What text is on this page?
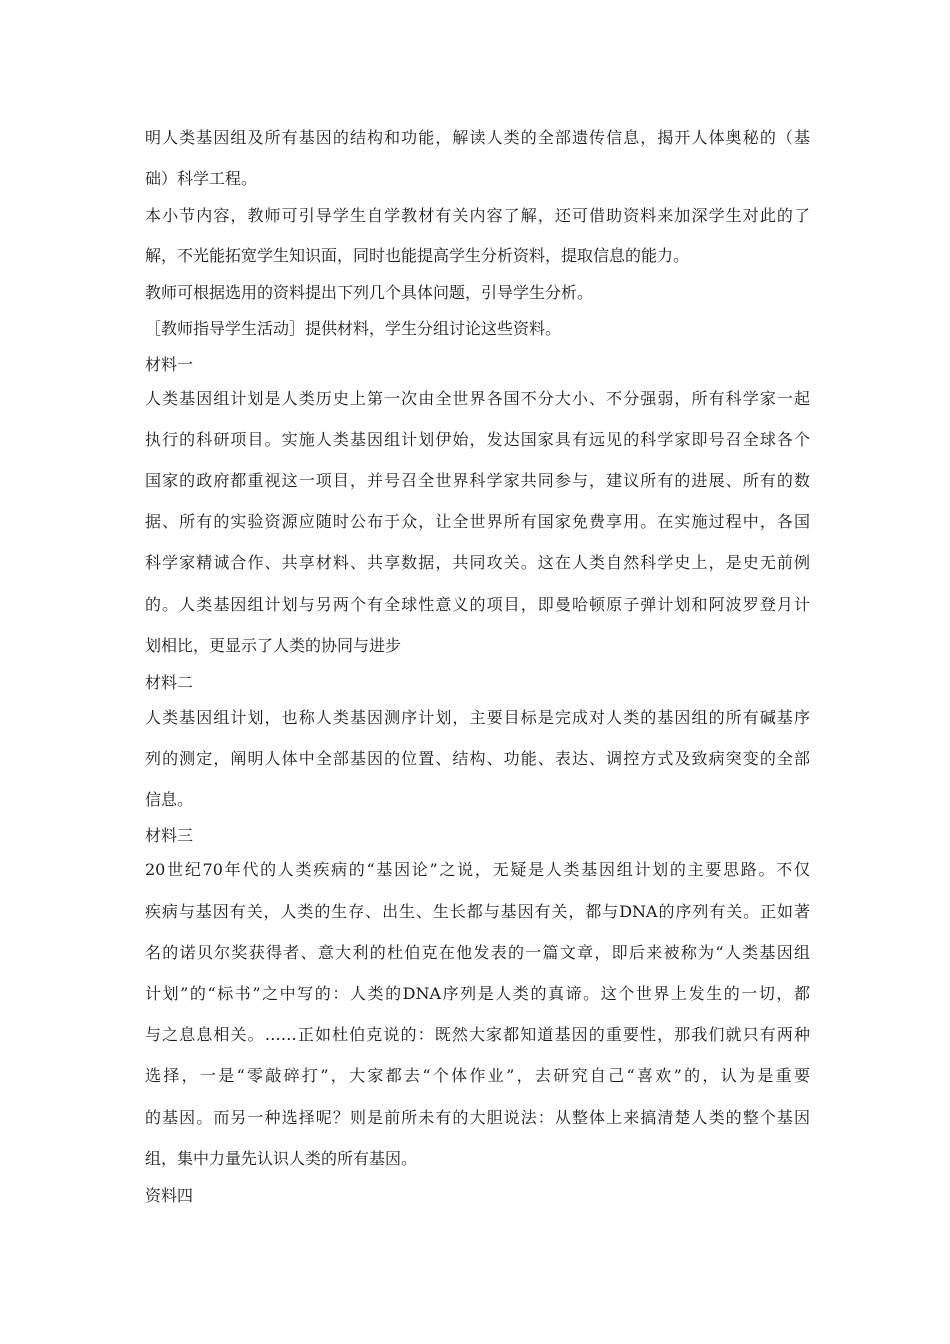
明人类基因组及所有基因的结构和功能，解读人类的全部遗传信息，揭开人体奥秘的（基
础）科学工程。
本小节内容，教师可引导学生自学教材有关内容了解，还可借助资料来加深学生对此的了
解，不光能拓宽学生知识面，同时也能提高学生分析资料，提取信息的能力。
教师可根据选用的资料提出下列几个具体问题，引导学生分析。
［教师指导学生活动］提供材料，学生分组讨论这些资料。
材料一
人类基因组计划是人类历史上第一次由全世界各国不分大小、不分强弱，所有科学家一起
执行的科研项目。实施人类基因组计划伊始，发达国家具有远见的科学家即号召全球各个
国家的政府都重视这一项目，并号召全世界科学家共同参与，建议所有的进展、所有的数
据、所有的实验资源应随时公布于众，让全世界所有国家免费享用。在实施过程中，各国
科学家精诚合作、共享材料、共享数据，共同攻关。这在人类自然科学史上，是史无前例
的。人类基因组计划与另两个有全球性意义的项目，即曼哈顿原子弹计划和阿波罗登月计
划相比，更显示了人类的协同与进步
材料二
人类基因组计划，也称人类基因测序计划，主要目标是完成对人类的基因组的所有碱基序
列的测定，阐明人体中全部基因的位置、结构、功能、表达、调控方式及致病突变的全部
信息。
材料三
20世纪70年代的人类疾病的“基因论”之说，无疑是人类基因组计划的主要思路。不仅
疾病与基因有关，人类的生存、出生、生长都与基因有关，都与DNA的序列有关。正如著
名的诺贝尔奖获得者、意大利的杜伯克在他发表的一篇文章，即后来被称为“人类基因组
计划”的“标书”之中写的：人类的DNA序列是人类的真谛。这个世界上发生的一切，都
与之息息相关。……正如杜伯克说的：既然大家都知道基因的重要性，那我们就只有两种
选择，一是“零敲碎打”，大家都去“个体作业”，去研究自己“喜欢”的，认为是重要
的基因。而另一种选择呢？则是前所未有的大胆说法：从整体上来搞清楚人类的整个基因
组，集中力量先认识人类的所有基因。
资料四
